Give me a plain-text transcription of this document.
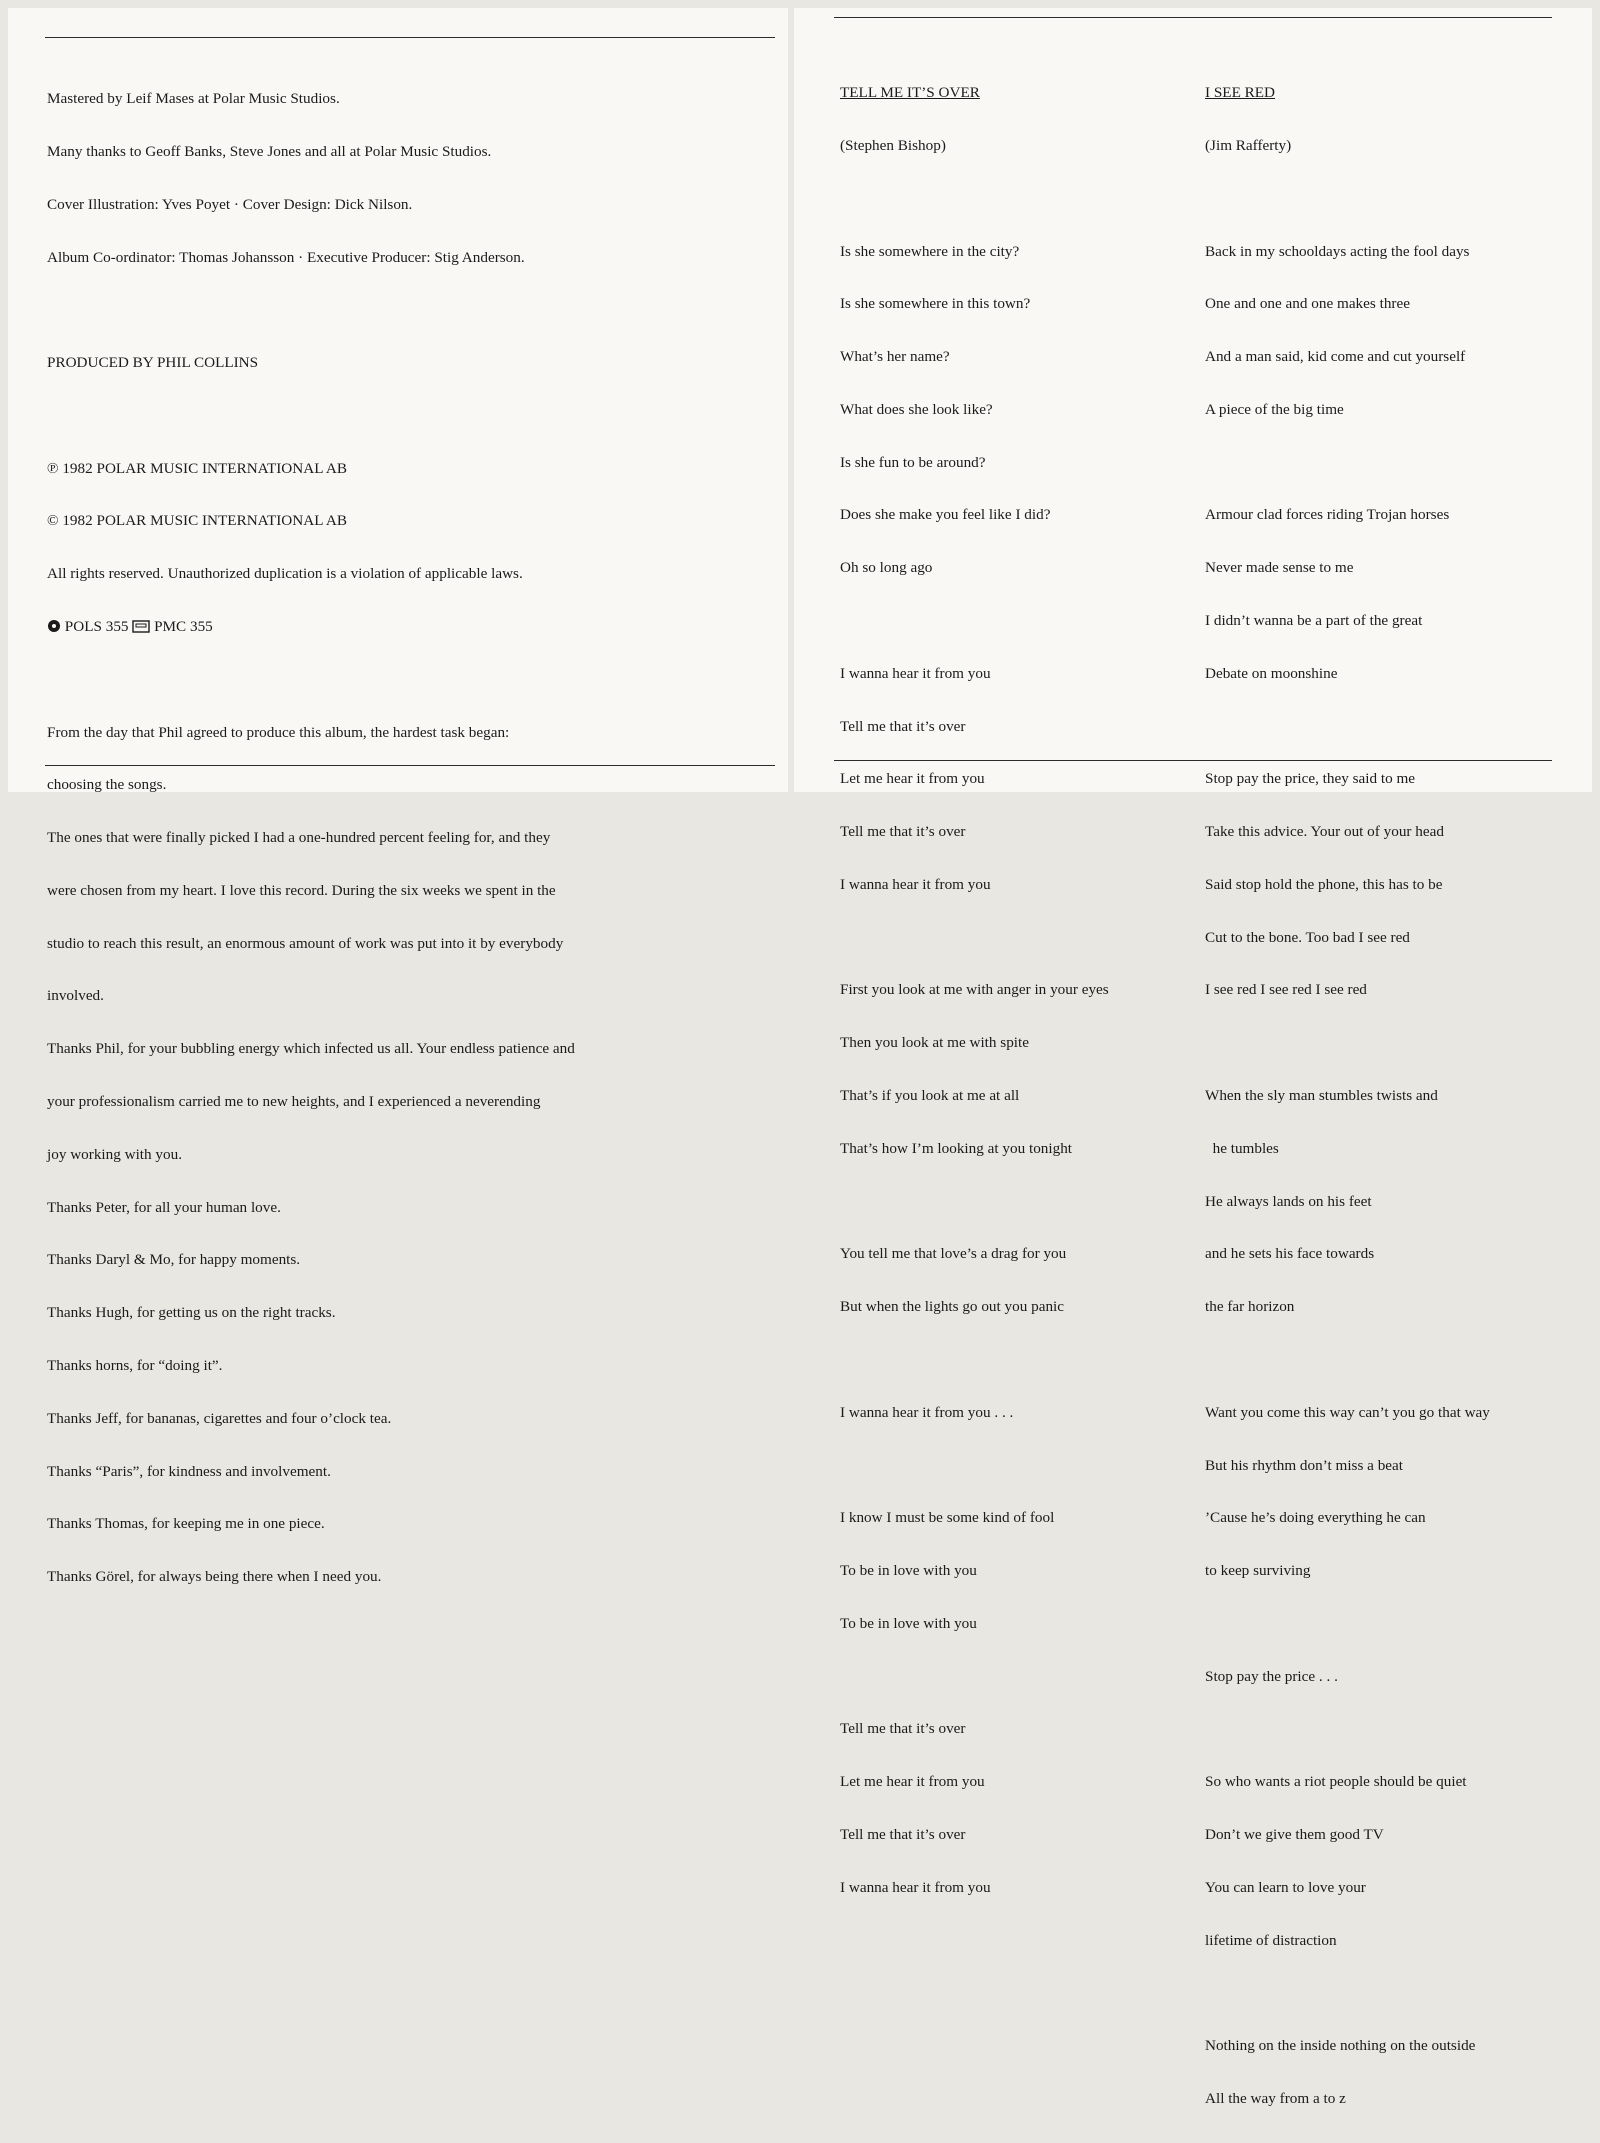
Mastered by Leif Mases at Polar Music Studios.

Many thanks to Geoff Banks, Steve Jones and all at Polar Music Studios.

Cover Illustration: Yves Poyet · Cover Design: Dick Nilson.

Album Co-ordinator: Thomas Johansson · Executive Producer: Stig Anderson.

PRODUCED BY PHIL COLLINS

℗ 1982 POLAR MUSIC INTERNATIONAL AB

© 1982 POLAR MUSIC INTERNATIONAL AB

All rights reserved. Unauthorized duplication is a violation of applicable laws.

POLS 355 PMC 355

From the day that Phil agreed to produce this album, the hardest task began:

choosing the songs.

The ones that were finally picked I had a one-hundred percent feeling for, and they

were chosen from my heart. I love this record. During the six weeks we spent in the

studio to reach this result, an enormous amount of work was put into it by everybody

involved.

Thanks Phil, for your bubbling energy which infected us all. Your endless patience and

your professionalism carried me to new heights, and I experienced a neverending

joy working with you.

Thanks Peter, for all your human love.

Thanks Daryl & Mo, for happy moments.

Thanks Hugh, for getting us on the right tracks.

Thanks horns, for “doing it”.

Thanks Jeff, for bananas, cigarettes and four o’clock tea.

Thanks “Paris”, for kindness and involvement.

Thanks Thomas, for keeping me in one piece.

Thanks Görel, for always being there when I need you.

TELL ME IT’S OVER

(Stephen Bishop)

Is she somewhere in the city?

Is she somewhere in this town?

What’s her name?

What does she look like?

Is she fun to be around?

Does she make you feel like I did?

Oh so long ago

I wanna hear it from you

Tell me that it’s over

Let me hear it from you

Tell me that it’s over

I wanna hear it from you

First you look at me with anger in your eyes

Then you look at me with spite

That’s if you look at me at all

That’s how I’m looking at you tonight

You tell me that love’s a drag for you

But when the lights go out you panic

I wanna hear it from you . . .

I know I must be some kind of fool

To be in love with you

To be in love with you

Tell me that it’s over

Let me hear it from you

Tell me that it’s over

I wanna hear it from you

I SEE RED

(Jim Rafferty)

Back in my schooldays acting the fool days

One and one and one makes three

And a man said, kid come and cut yourself

A piece of the big time

Armour clad forces riding Trojan horses

Never made sense to me

I didn’t wanna be a part of the great

Debate on moonshine

Stop pay the price, they said to me

Take this advice. Your out of your head

Said stop hold the phone, this has to be

Cut to the bone. Too bad I see red

I see red I see red I see red

When the sly man stumbles twists and

he tumbles

He always lands on his feet

and he sets his face towards

the far horizon

Want you come this way can’t you go that way

But his rhythm don’t miss a beat

’Cause he’s doing everything he can

to keep surviving

Stop pay the price . . .

So who wants a riot people should be quiet

Don’t we give them good TV

You can learn to love your

lifetime of distraction

Nothing on the inside nothing on the outside

All the way from a to z
